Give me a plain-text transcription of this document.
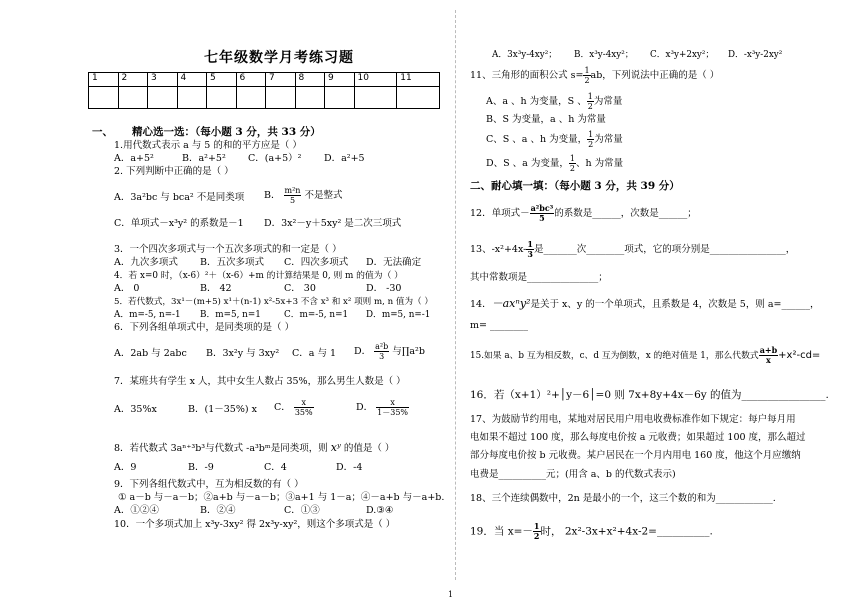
七年级数学月考练习题
1	2	3	4	5	6	7	8	9	10	11

一、 精心选一选：（每小题 3 分，共 33 分）
1.用代数式表示 a 与 5 的和的平方应是（ ）
A．a+5²	B．a²+5² C．(a+5）² D．a²+5
2. 下列判断中正确的是（ ）
A．3a²bc 与 bca² 不是同类项 B． $\frac{\text{m²n}}{5}$ 不是整式
C．单项式－x³y² 的系数是－1 D．3x²－y＋5xy² 是二次三项式
3．一个四次多项式与一个五次多项式的和一定是（ ）
A．九次多项式 B．五次多项式 C．四次多项式 D．无法确定
4．若 x=0 时，（x-6）²＋（x-6）+m 的计算结果是 0, 则 m 的值为（ ）
A． 0	B． 42	C． 30	D． -30
5．若代数式，3x¹－(m+5) x¹＋(n-1) x²-5x+3 不含 x³ 和 x² 项则 m, n 值为（ ）
A．m=-5, n=-1 B．m=5, n=1	C．m=-5, n=1 D．m=5, n=-1
6．下列各组单项式中，是同类项的是（ ）
A．2ab 与 2abc B．3x²y 与 3xy² C．a 与 1 D． $\frac{\text{a²b}}{3}$ 与∏a²b
7．某班共有学生 x 人，其中女生人数占 35%，那么男生人数是（ ）
A．35%x	B．(1－35%) x C． $\frac{x}{35\%}$	D． $\frac{x}{1-35\%}$
8．若代数式 3aⁿ⁺³b³与代数式 -a³bᵐ是同类项，则 xʸ 的值是（ ）
A．9	B．-9	C．4	D．-4
9．下列各组代数式中，互为相反数的有（ ）
① a－b 与－a－b；②a+b 与－a－b；③a+1 与 1－a；④－a+b 与－a+b.
A．①②④	B．②④	C．①③	D.③④
10．一个多项式加上 x³y-3xy² 得 2x³y-xy²，则这个多项式是（ ）
A．3x³y-4xy²； B．x³y-4xy²； C．x³y+2xy²； D．-x³y-2xy²
11、三角形的面积公式 $s= \frac{1}{2}$ ab，下列说法中正确的是（ ）
A、a 、h 为变量，S 、 $\frac{1}{2}$ 为常量
B、S 为变量，a 、h 为常量
C、S 、a 、h 为变量， $\frac{1}{2}$ 为常量
D、S 、a 为变量， $\frac{1}{2}$ 、h 为常量
二、耐心填一填：（每小题 3 分，共 39 分）
12．单项式－ $\frac{\text{a²bc³}}{5}$ 的系数是______，次数是______；
13、$-x^2+4x- \frac{1}{3}$ 是_______次________项式，它的项分别是________________，
其中常数项是_______________；
14．－axⁿy²是关于 x、y 的一个单项式，且系数是 4，次数是 5，则 a=______，
m= ________
15.如果 a、b 互为相反数，c、d 互为倒数，x 的绝对值是 1，那么代数式 $\frac{a+b}{x} +x^2-cd=$
16．若（x+1）²+│y－6│=0 则 7x+8y+4x－6y 的值为________________.
17、为鼓励节约用电，某地对居民用户用电收费标准作如下规定：每户每月用
电如果不超过 100 度，那么每度电价按 a 元收费；如果超过 100 度，那么超过
部分每度电价按 b 元收费。某户居民在一个月内用电 160 度，他这个月应缴纳
电费是__________元；(用含 a、b 的代数式表示)
18、三个连续偶数中，2n 是最小的一个，这三个数的和为____________.
19．当 $x=- \frac{1}{2}$ 时， 2x²-3x+x²+4x-2=__________.
1
